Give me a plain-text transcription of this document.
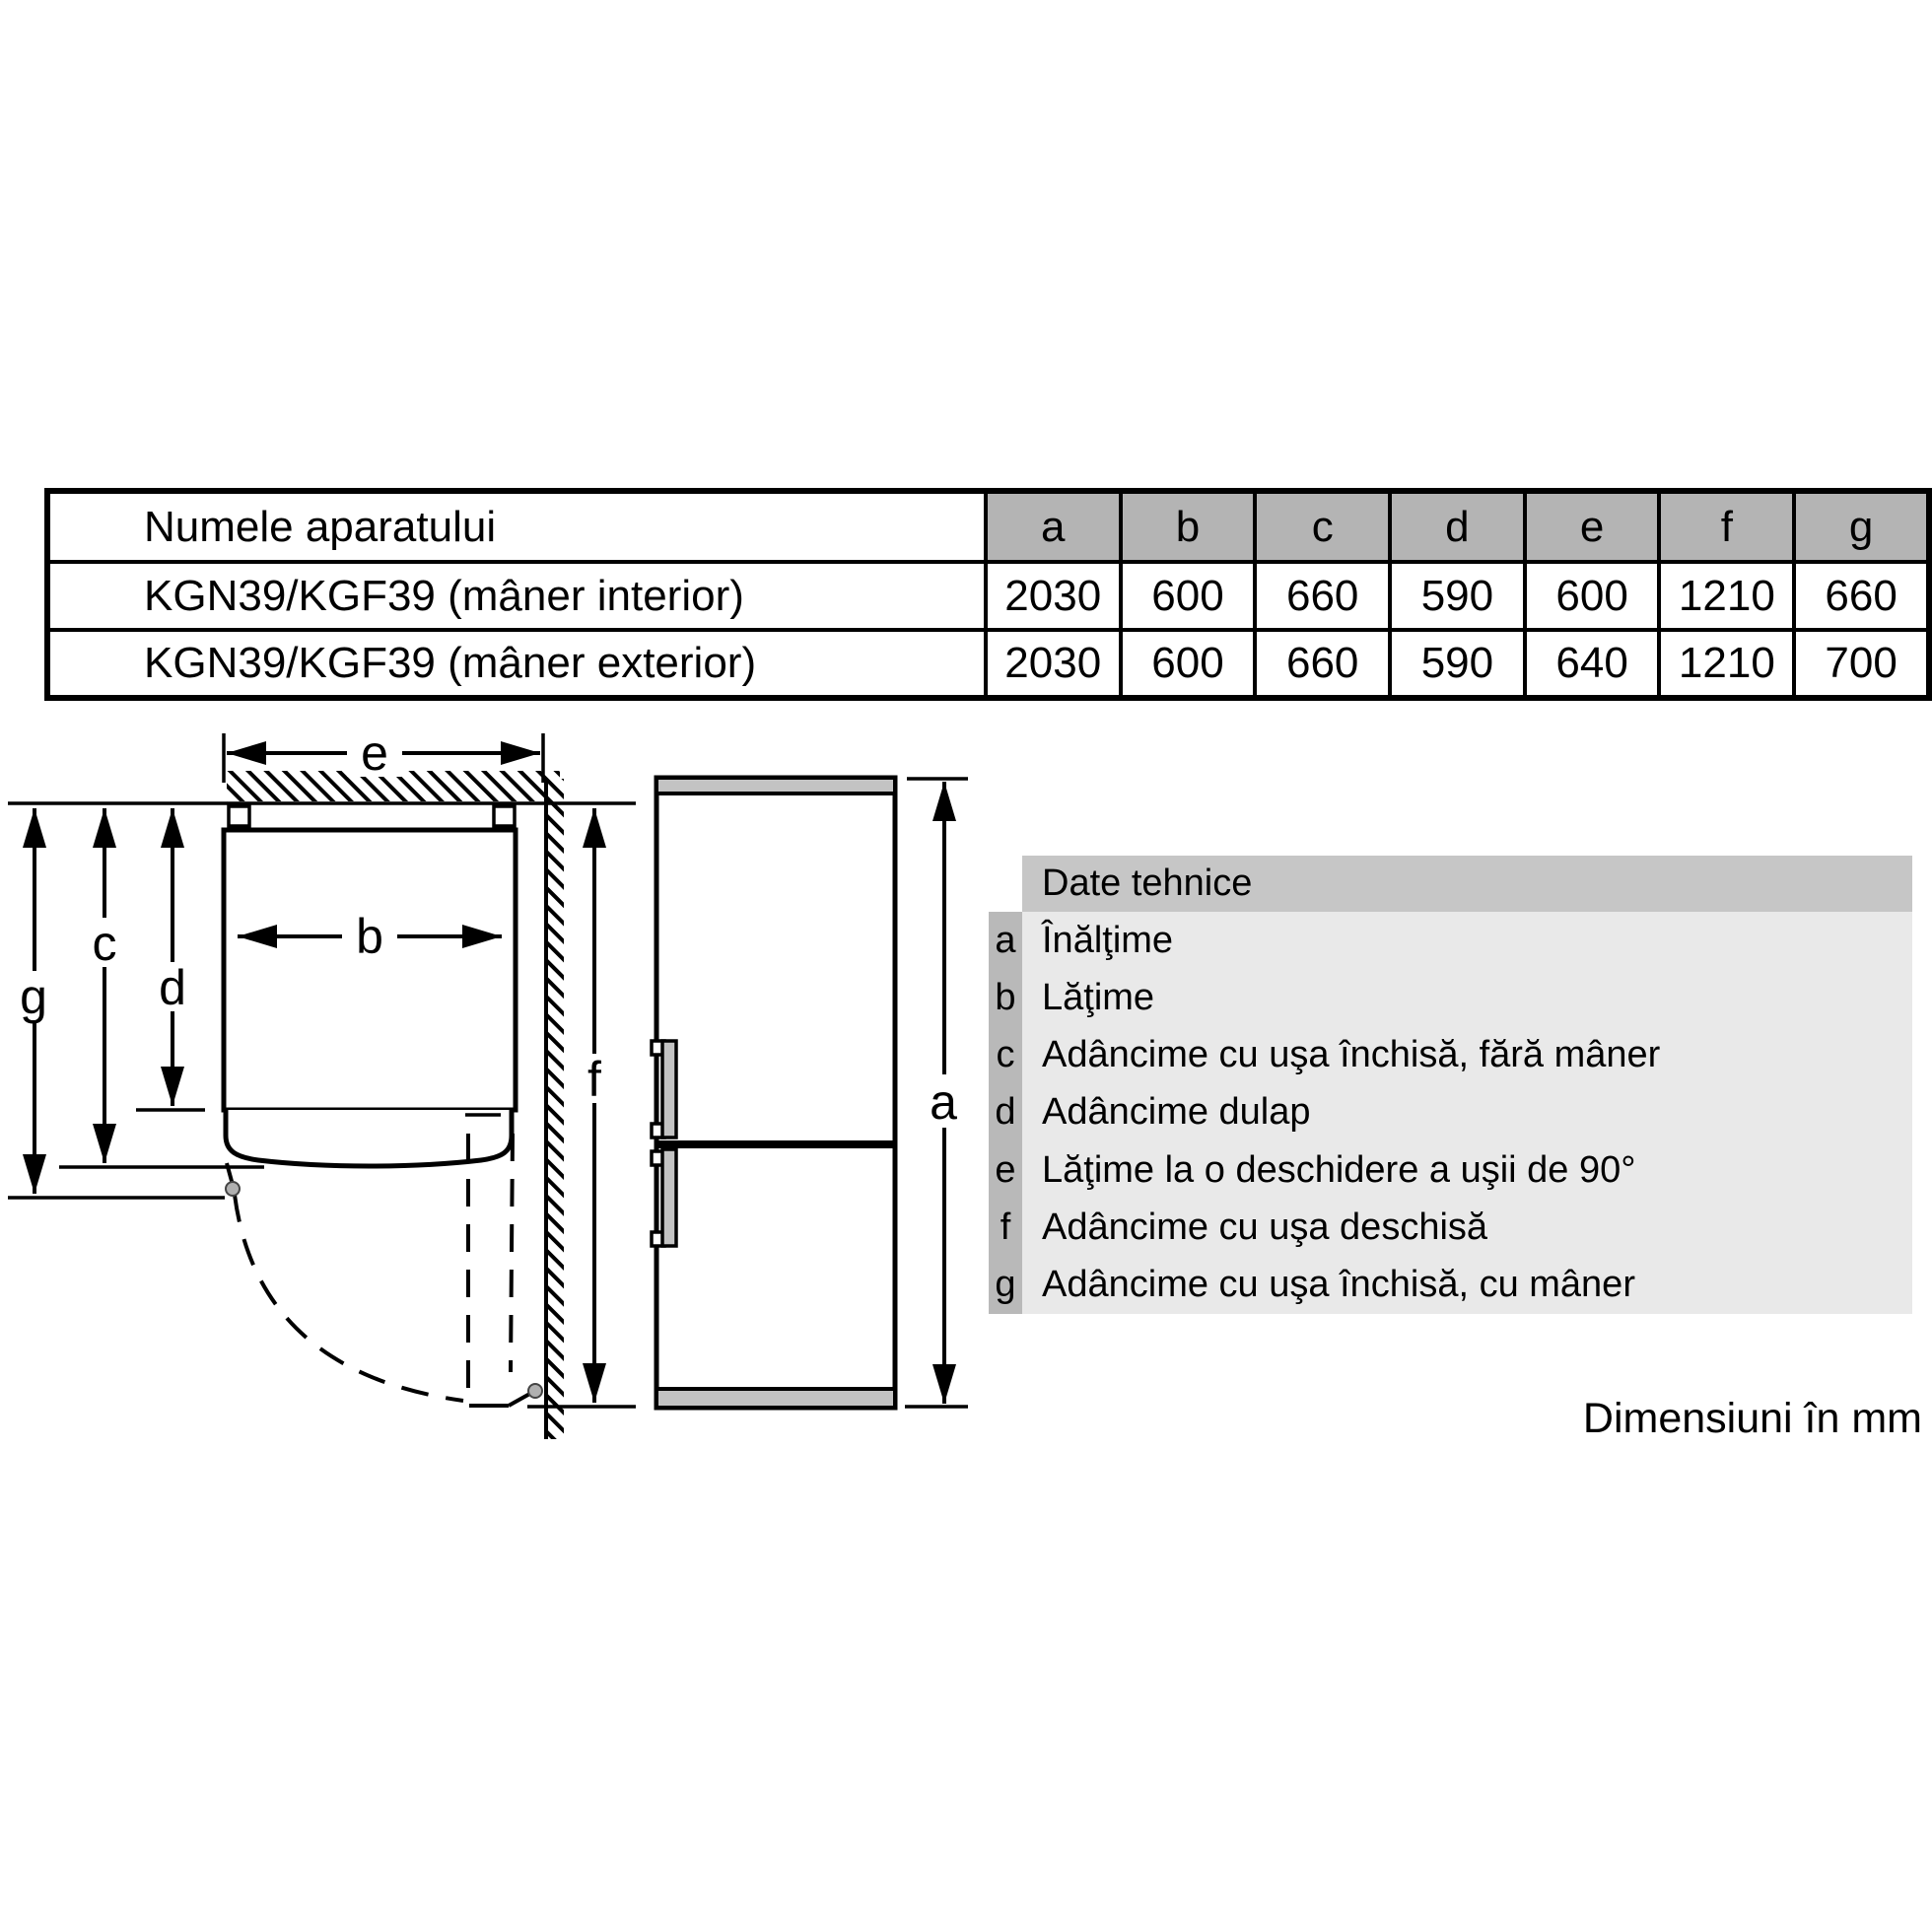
Numele aparatului	a	b	c	d	e	f	g
KGN39/KGF39 (mâner interior)	2030	600	660	590	600	1210	660
KGN39/KGF39 (mâner exterior)	2030	600	660	590	640	1210	700
e
b
g
c
d
f	a
Date tehnice
a Înălţime
b Lăţime
c Adâncime cu uşa închisă, fără mâner
d Adâncime dulap
e Lăţime la o deschidere a uşii de 90°
f Adâncime cu uşa deschisă
g Adâncime cu uşa închisă, cu mâner
Dimensiuni în mm
